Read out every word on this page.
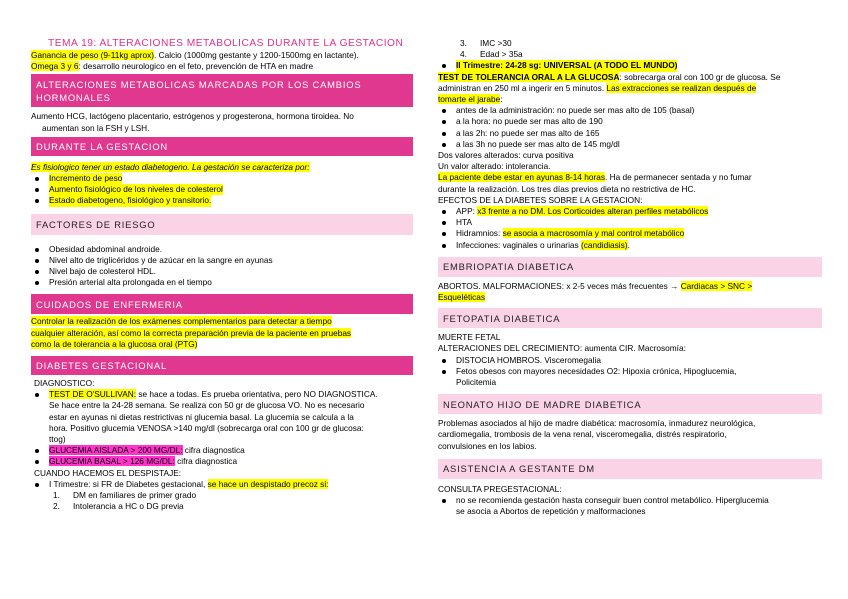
TEMA 19: ALTERACIONES METABOLICAS DURANTE LA GESTACION
Ganancia de peso (9-11kg aprox). Calcio (1000mg gestante y 1200-1500mg en lactante).
Omega 3 y 6: desarrollo neurologico en el feto, prevención de HTA en madre
ALTERACIONES METABOLICAS MARCADAS POR LOS CAMBIOS
HORMONALES
Aumento HCG, lactógeno placentario, estrógenos y progesterona, hormona tiroidea. No
aumentan son la FSH y LSH.
DURANTE LA GESTACION
Es fisiologico tener un estado diabetogeno. La gestación se caracteriza por:
Incremento de peso
Aumento fisiológico de los niveles de colesterol
Estado diabetogeno, fisiológico y transitorio.
FACTORES DE RIESGO
Obesidad abdominal androide.
Nivel alto de triglicéridos y de azúcar en la sangre en ayunas
Nivel bajo de colesterol HDL.
Presión arterial alta prolongada en el tiempo
CUIDADOS DE ENFERMERIA
Controlar la realización de los exámenes complementarios para detectar a tiempo
cualquier alteración, así como la correcta preparación previa de la paciente en pruebas
como la de tolerancia a la glucosa oral (PTG)
DIABETES GESTACIONAL
DIAGNOSTICO:
TEST DE O'SULLIVAN: se hace a todas. Es prueba orientativa, pero NO DIAGNOSTICA.
Se hace entre la 24-28 semana. Se realiza con 50 gr de glucosa VO. No es necesario
estar en ayunas ni dietas restrictivas ni glucemia basal. La glucemia se calcula a la
hora. Positivo glucemia VENOSA >140 mg/dl (sobrecarga oral con 100 gr de glucosa:
ttog)
GLUCEMIA AISLADA > 200 MG/DL: cifra diagnostica
GLUCEMIA BASAL > 126 MG/DL: cifra diagnostica
CUANDO HACEMOS EL DESPISTAJE:
I Trimestre: si FR de Diabetes gestacional, se hace un despistado precoz si:
1.	DM en familiares de primer grado
2.	Intolerancia a HC o DG previa
3.	IMC >30
4.	Edad > 35a
II Trimestre: 24-28 sg: UNIVERSAL (A TODO EL MUNDO)
TEST DE TOLERANCIA ORAL A LA GLUCOSA: sobrecarga oral con 100 gr de glucosa. Se
administran en 250 ml a ingerir en 5 minutos. Las extracciones se realizan después de
tomarte el jarabe:
antes de la administración: no puede ser mas alto de 105 (basal)
a la hora: no puede ser mas alto de 190
a las 2h: no puede ser mas alto de 165
a las 3h no puede ser mas alto de 145 mg/dl
Dos valores alterados: curva positiva
Un valor alterado: intolerancia.
La paciente debe estar en ayunas 8-14 horas. Ha de permanecer sentada y no fumar
durante la realización. Los tres días previos dieta no restrictiva de HC.
EFECTOS DE LA DIABETES SOBRE LA GESTACION:
APP: x3 frente a no DM. Los Corticoides alteran perfiles metabólicos
HTA
Hidramnios: se asocia a macrosomía y mal control metabólico
Infecciones: vaginales o urinarias (candidiasis).
EMBRIOPATIA DIABETICA
ABORTOS. MALFORMACIONES: x 2-5 veces más frecuentes → Cardiacas > SNC >
Esqueléticas
FETOPATIA DIABETICA
MUERTE FETAL
ALTERACIONES DEL CRECIMIENTO: aumenta CIR. Macrosomía:
DISTOCIA HOMBROS. Visceromegalia
Fetos obesos con mayores necesidades O2: Hipoxia crónica, Hipoglucemia,
Policitemia
NEONATO HIJO DE MADRE DIABETICA
Problemas asociados al hijo de madre diabética: macrosomía, inmadurez neurológica,
cardiomegalia, trombosis de la vena renal, visceromegalia, distrés respiratorio,
convulsiones en los labios.
ASISTENCIA A GESTANTE DM
CONSULTA PREGESTACIONAL:
no se recomienda gestación hasta conseguir buen control metabólico. Hiperglucemia
se asocia a Abortos de repetición y malformaciones
